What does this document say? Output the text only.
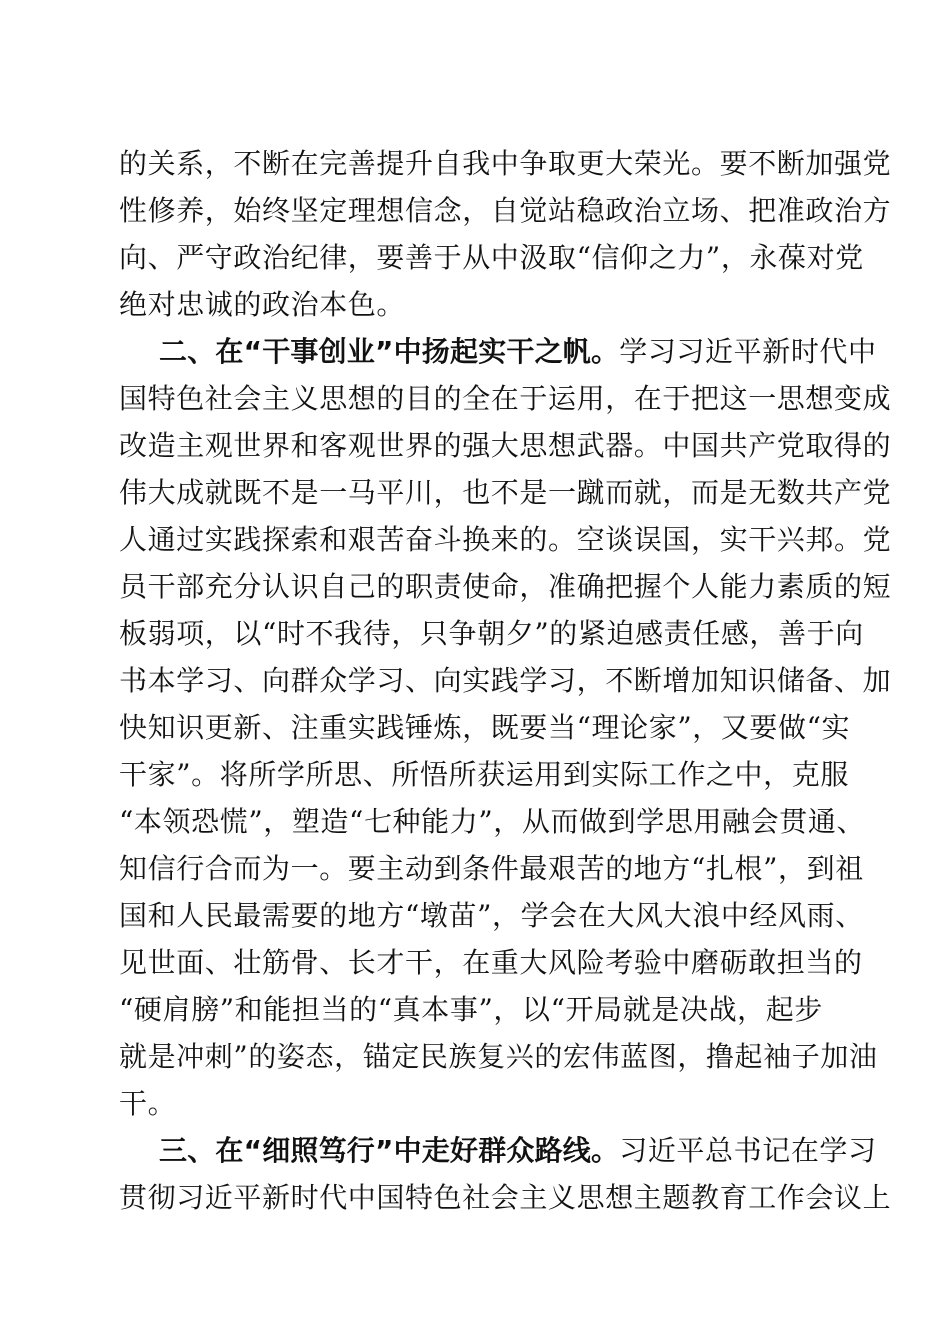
的关系，不断在完善提升自我中争取更大荣光。要不断加强党
性修养，始终坚定理想信念，自觉站稳政治立场、把准政治方
向、严守政治纪律，要善于从中汲取“信仰之力”，永葆对党
绝对忠诚的政治本色。
二、在“干事创业”中扬起实干之帆。学习习近平新时代中
国特色社会主义思想的目的全在于运用，在于把这一思想变成
改造主观世界和客观世界的强大思想武器。中国共产党取得的
伟大成就既不是一马平川，也不是一蹴而就，而是无数共产党
人通过实践探索和艰苦奋斗换来的。空谈误国，实干兴邦。党
员干部充分认识自己的职责使命，准确把握个人能力素质的短
板弱项，以“时不我待，只争朝夕”的紧迫感责任感，善于向
书本学习、向群众学习、向实践学习，不断增加知识储备、加
快知识更新、注重实践锤炼，既要当“理论家”，又要做“实
干家”。将所学所思、所悟所获运用到实际工作之中，克服
“本领恐慌”，塑造“七种能力”，从而做到学思用融会贯通、
知信行合而为一。要主动到条件最艰苦的地方“扎根”，到祖
国和人民最需要的地方“墩苗”，学会在大风大浪中经风雨、
见世面、壮筋骨、长才干，在重大风险考验中磨砺敢担当的
“硬肩膀”和能担当的“真本事”，以“开局就是决战，起步
就是冲刺”的姿态，锚定民族复兴的宏伟蓝图，撸起袖子加油
干。
三、在“细照笃行”中走好群众路线。习近平总书记在学习
贯彻习近平新时代中国特色社会主义思想主题教育工作会议上
